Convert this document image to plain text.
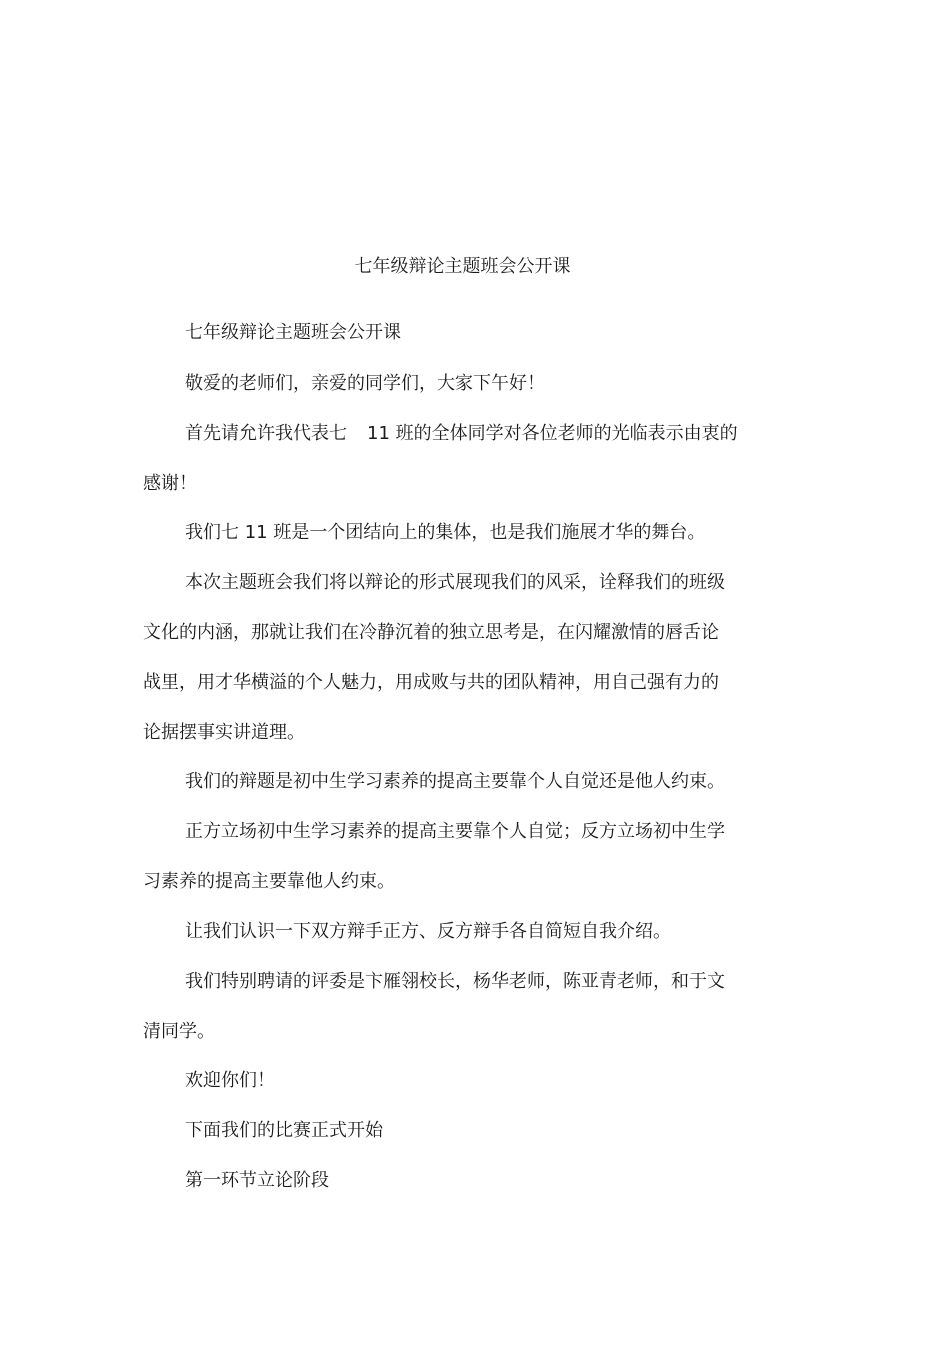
七年级辩论主题班会公开课
七年级辩论主题班会公开课
敬爱的老师们，亲爱的同学们，大家下午好！
首先请允许我代表七 11 班的全体同学对各位老师的光临表示由衷的
感谢！
我们七 11 班是一个团结向上的集体，也是我们施展才华的舞台。
本次主题班会我们将以辩论的形式展现我们的风采，诠释我们的班级
文化的内涵，那就让我们在冷静沉着的独立思考是，在闪耀激情的唇舌论
战里，用才华横溢的个人魅力，用成败与共的团队精神，用自己强有力的
论据摆事实讲道理。
我们的辩题是初中生学习素养的提高主要靠个人自觉还是他人约束。
正方立场初中生学习素养的提高主要靠个人自觉；反方立场初中生学
习素养的提高主要靠他人约束。
让我们认识一下双方辩手正方、反方辩手各自简短自我介绍。
我们特别聘请的评委是卞雁翎校长，杨华老师，陈亚青老师，和于文
清同学。
欢迎你们！
下面我们的比赛正式开始
第一环节立论阶段
